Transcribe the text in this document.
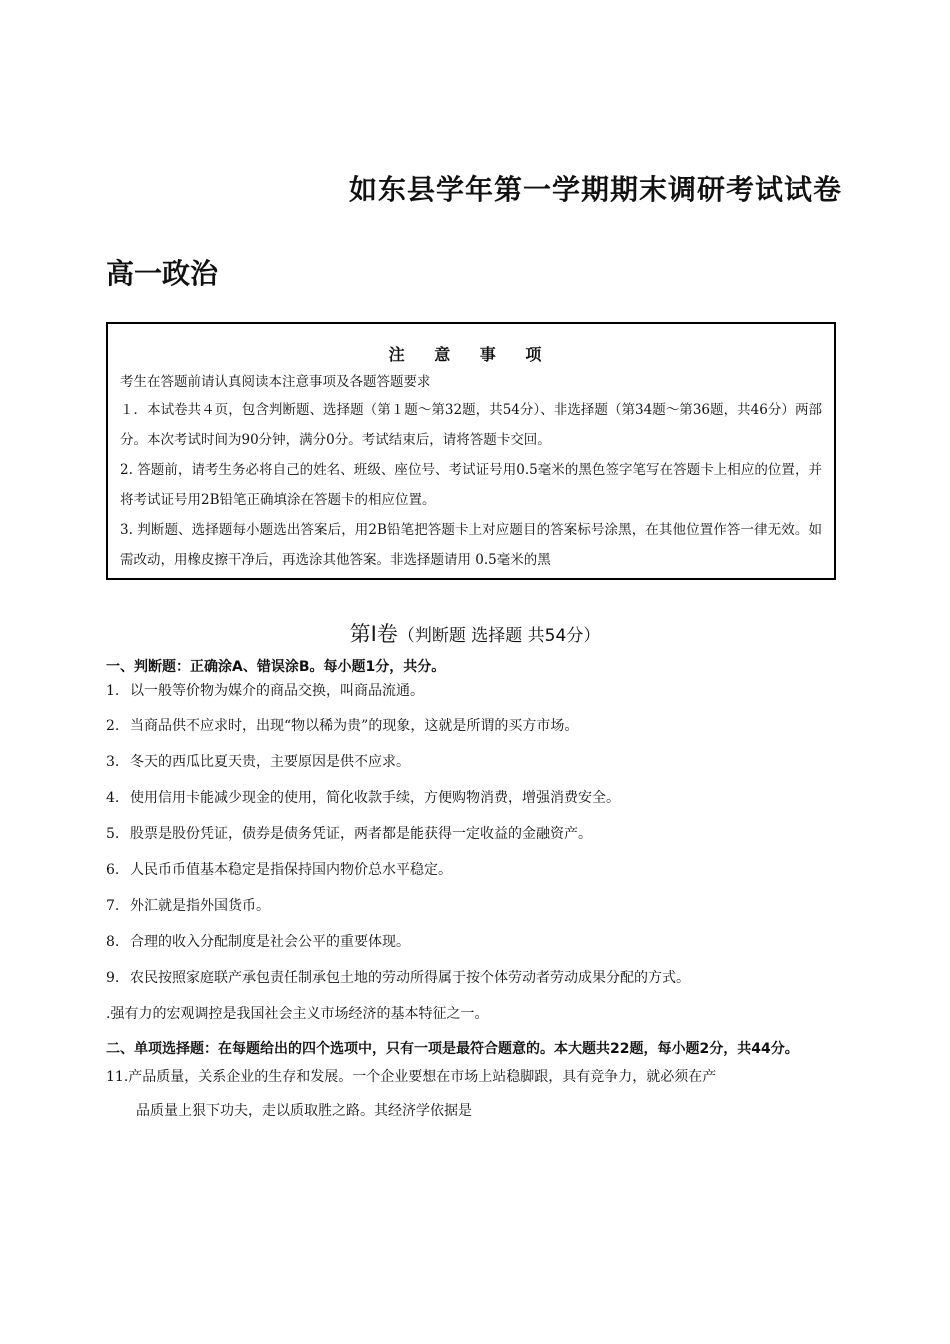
如东县学年第一学期期末调研考试试卷
高一政治
注 意 事 项

考生在答题前请认真阅读本注意事项及各题答题要求

１．本试卷共４页，包含判断题、选择题（第１题～第32题，共54分）、非选择题（第34题～第36题，共46分）两部分。本次考试时间为90分钟，满分0分。考试结束后，请将答题卡交回。

2. 答题前，请考生务必将自己的姓名、班级、座位号、考试证号用0.5毫米的黑色签字笔写在答题卡上相应的位置，并将考试证号用2B铅笔正确填涂在答题卡的相应位置。

3. 判断题、选择题每小题选出答案后，用2B铅笔把答题卡上对应题目的答案标号涂黑，在其他位置作答一律无效。如需改动，用橡皮擦干净后，再选涂其他答案。非选择题请用 0.5毫米的黑

第Ⅰ卷（判断题 选择题 共54分）

一、判断题：正确涂A、错误涂B。每小题1分，共分。

1. 以一般等价物为媒介的商品交换，叫商品流通。

2. 当商品供不应求时，出现“物以稀为贵”的现象，这就是所谓的买方市场。

3. 冬天的西瓜比夏天贵，主要原因是供不应求。

4. 使用信用卡能减少现金的使用，简化收款手续，方便购物消费，增强消费安全。

5. 股票是股份凭证，债券是债务凭证，两者都是能获得一定收益的金融资产。

6. 人民币币值基本稳定是指保持国内物价总水平稳定。

7. 外汇就是指外国货币。

8. 合理的收入分配制度是社会公平的重要体现。

9. 农民按照家庭联产承包责任制承包土地的劳动所得属于按个体劳动者劳动成果分配的方式。

.强有力的宏观调控是我国社会主义市场经济的基本特征之一。

二、单项选择题：在每题给出的四个选项中，只有一项是最符合题意的。本大题共22题，每小题2分，共44分。

11.产品质量，关系企业的生存和发展。一个企业要想在市场上站稳脚跟，具有竞争力，就必须在产

品质量上狠下功夫，走以质取胜之路。其经济学依据是
